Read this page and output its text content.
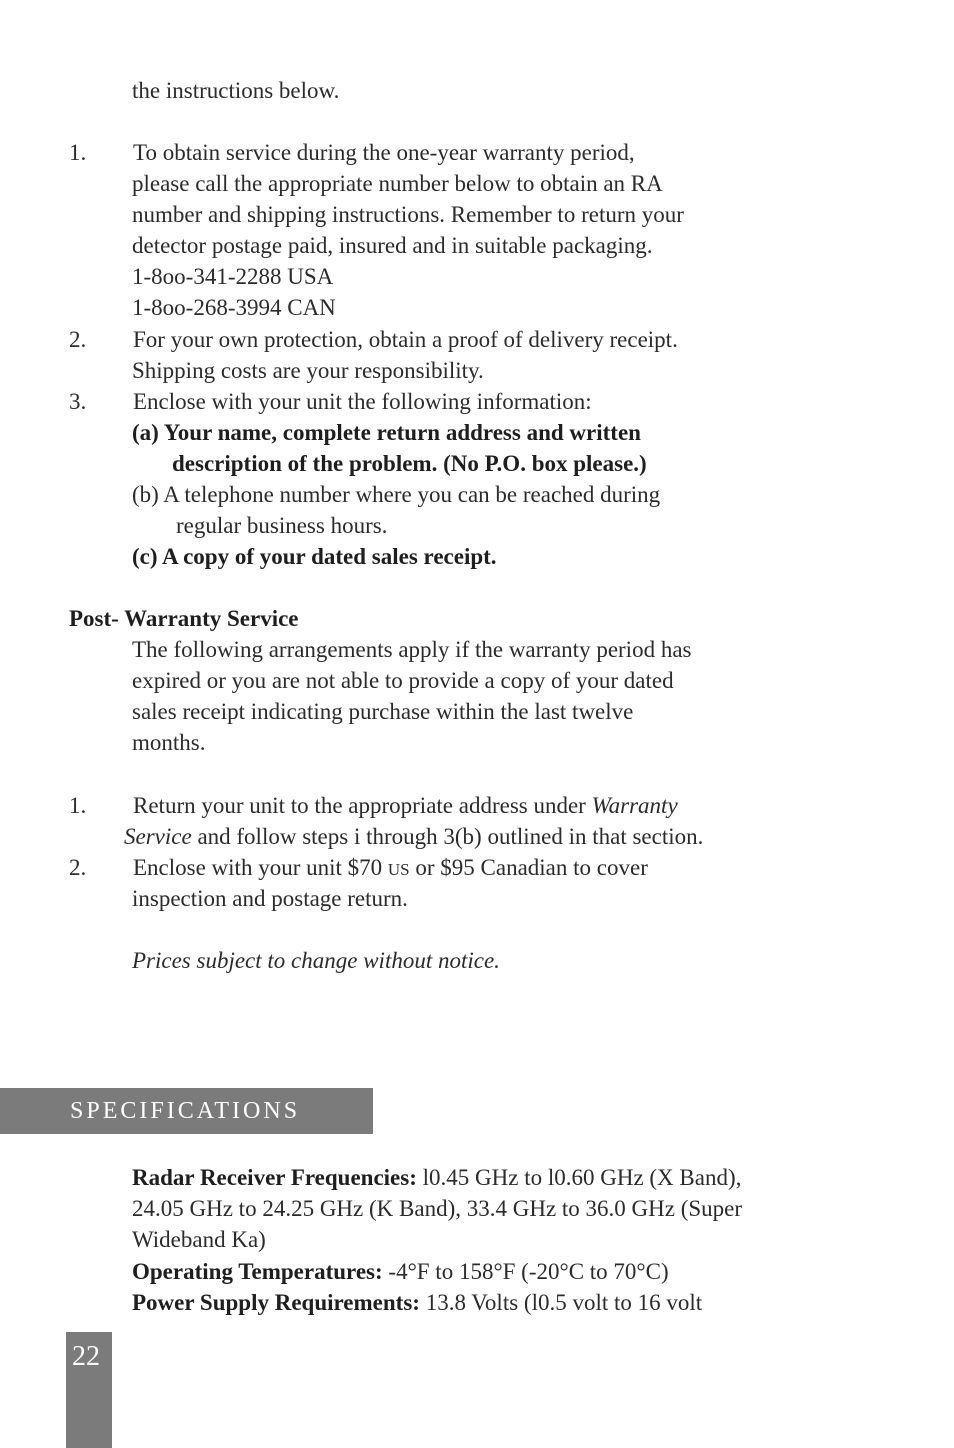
the instructions below.
1. To obtain service during the one-year warranty period,
please call the appropriate number below to obtain an RA
number and shipping instructions. Remember to return your
detector postage paid, insured and in suitable packaging.
1-8oo-341-2288 USA
1-8oo-268-3994 CAN
2. For your own protection, obtain a proof of delivery receipt.
Shipping costs are your responsibility.
3. Enclose with your unit the following information:
(a) Your name, complete return address and written
description of the problem. (No P.O. box please.)
(b) A telephone number where you can be reached during
regular business hours.
(c) A copy of your dated sales receipt.
Post- Warranty Service
The following arrangements apply if the warranty period has
expired or you are not able to provide a copy of your dated
sales receipt indicating purchase within the last twelve
months.
1. Return your unit to the appropriate address under Warranty
Service and follow steps i through 3(b) outlined in that section.
2. Enclose with your unit $70 US or $95 Canadian to cover
inspection and postage return.
Prices subject to change without notice.
SPECIFICATIONS
Radar Receiver Frequencies: l0.45 GHz to l0.60 GHz (X Band),
24.05 GHz to 24.25 GHz (K Band), 33.4 GHz to 36.0 GHz (Super
Wideband Ka)
Operating Temperatures: -4°F to 158°F (-20°C to 70°C)
Power Supply Requirements: 13.8 Volts (l0.5 volt to 16 volt
22
